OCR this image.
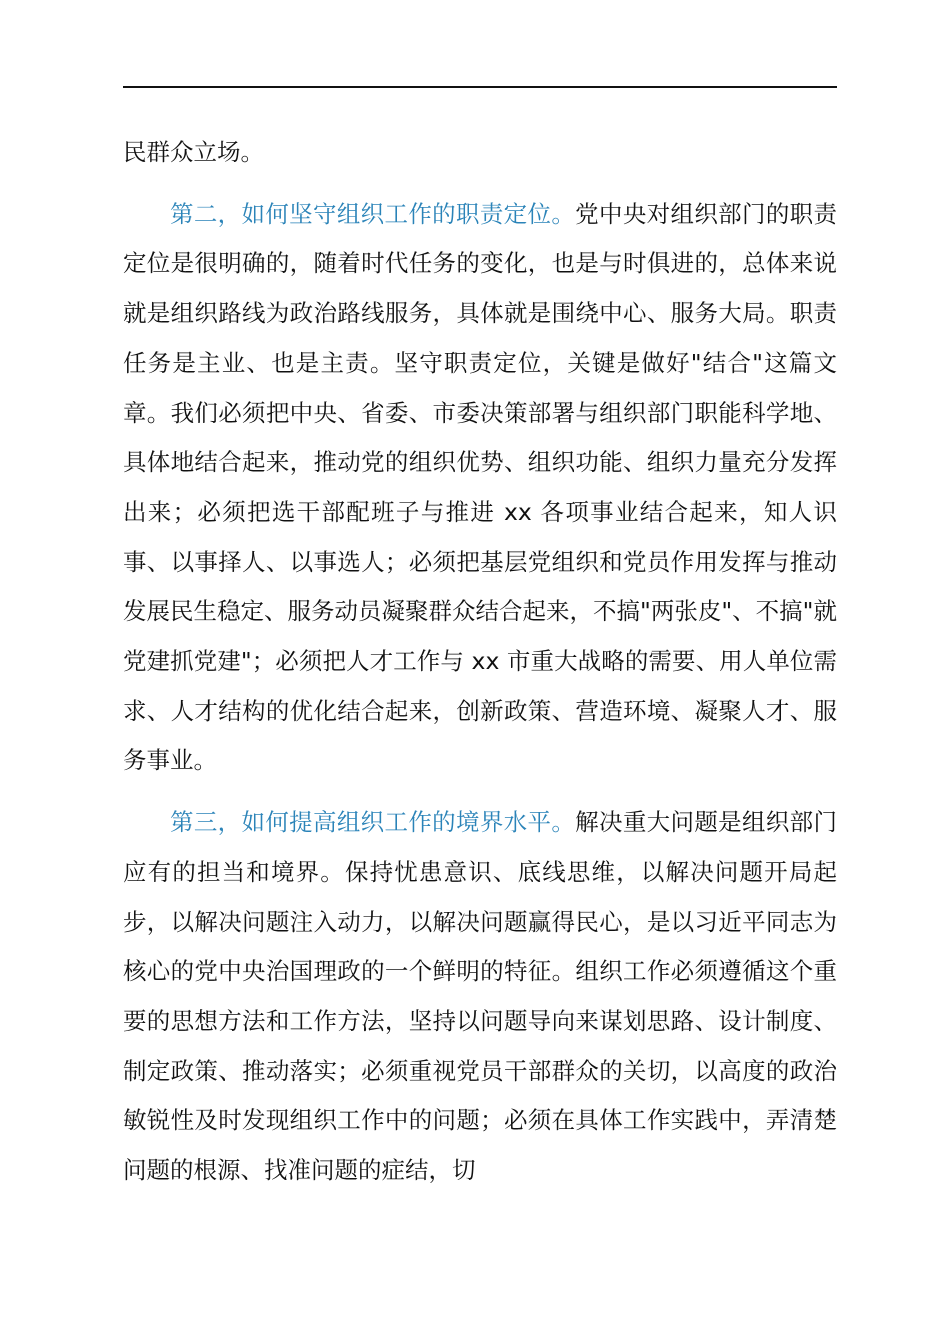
民群众立场。

第二，如何坚守组织工作的职责定位。党中央对组织部门的职责定位是很明确的，随着时代任务的变化，也是与时俱进的，总体来说就是组织路线为政治路线服务，具体就是围绕中心、服务大局。职责任务是主业、也是主责。坚守职责定位，关键是做好"结合"这篇文章。我们必须把中央、省委、市委决策部署与组织部门职能科学地、具体地结合起来，推动党的组织优势、组织功能、组织力量充分发挥出来；必须把选干部配班子与推进 xx 各项事业结合起来，知人识事、以事择人、以事选人；必须把基层党组织和党员作用发挥与推动发展民生稳定、服务动员凝聚群众结合起来，不搞"两张皮"、不搞"就党建抓党建"；必须把人才工作与 xx 市重大战略的需要、用人单位需求、人才结构的优化结合起来，创新政策、营造环境、凝聚人才、服务事业。

第三，如何提高组织工作的境界水平。解决重大问题是组织部门应有的担当和境界。保持忧患意识、底线思维，以解决问题开局起步，以解决问题注入动力，以解决问题赢得民心，是以习近平同志为核心的党中央治国理政的一个鲜明的特征。组织工作必须遵循这个重要的思想方法和工作方法，坚持以问题导向来谋划思路、设计制度、制定政策、推动落实；必须重视党员干部群众的关切，以高度的政治敏锐性及时发现组织工作中的问题；必须在具体工作实践中，弄清楚问题的根源、找准问题的症结，切
